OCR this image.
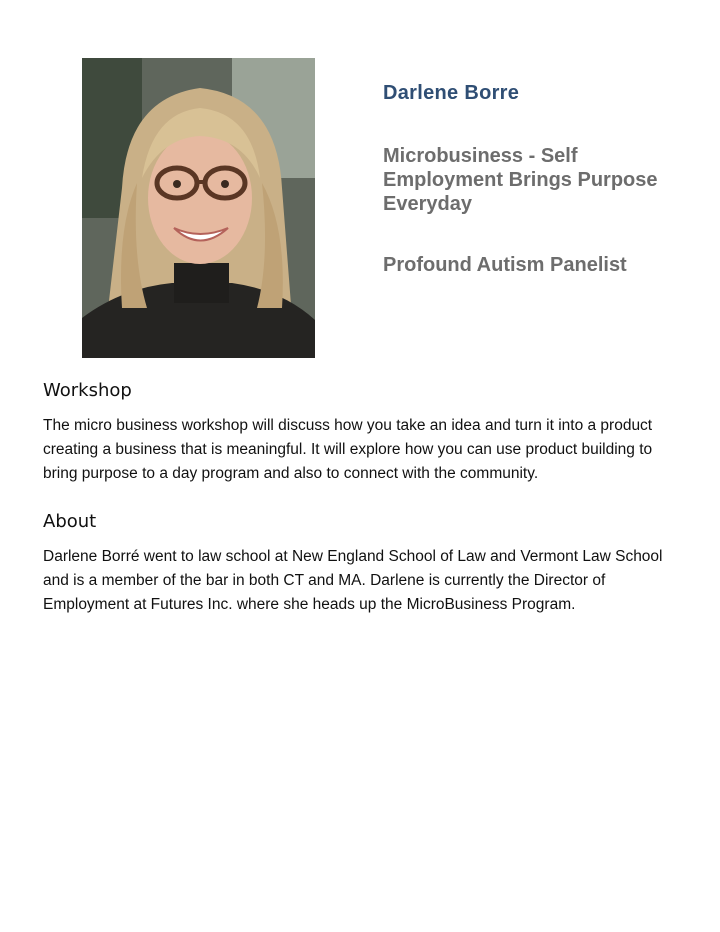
Darlene Borre
Microbusiness - Self Employment Brings Purpose Everyday
Profound Autism Panelist
Workshop
The micro business workshop will discuss how you take an idea and turn it into a product creating a business that is meaningful. It will explore how you can use product building to bring purpose to a day program and also to connect with the community.
About
Darlene Borré went to law school at New England School of Law and Vermont Law School and is a member of the bar in both CT and MA. Darlene is currently the Director of Employment at Futures Inc. where she heads up the MicroBusiness Program.
